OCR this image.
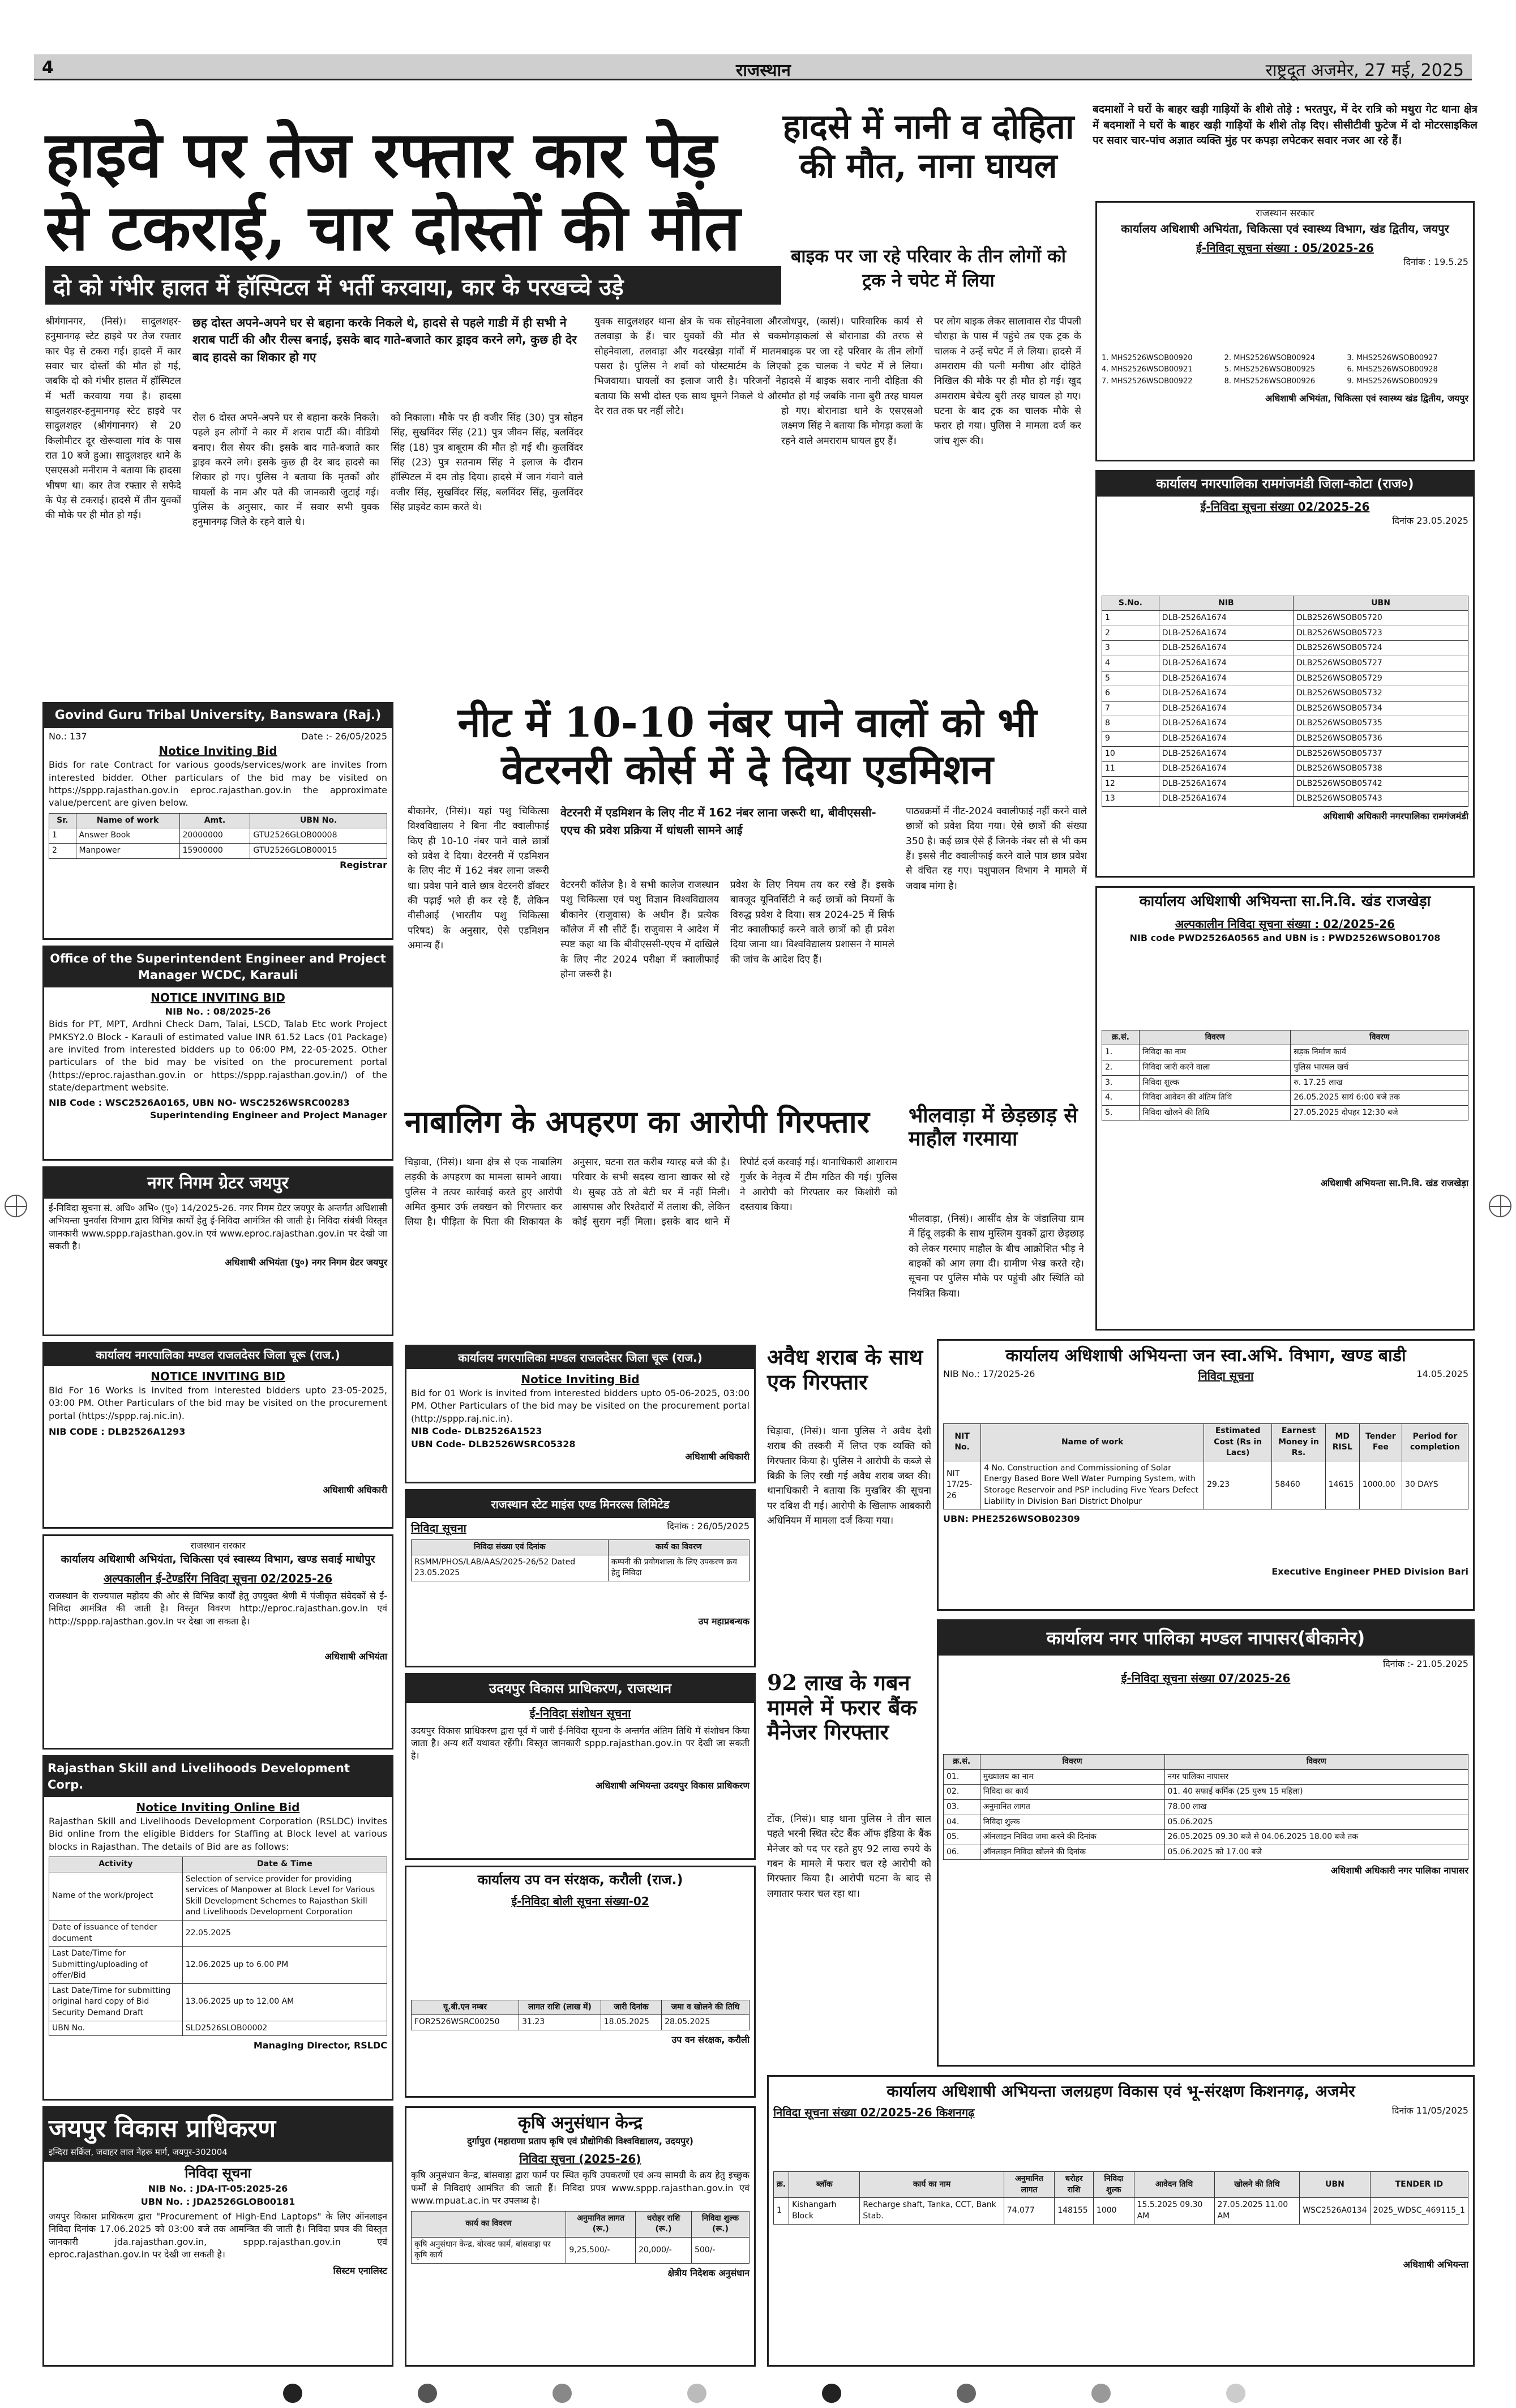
4	राजस्थान	राष्ट्रदूत अजमेर, 27 मई, 2025
हाइवे पर तेज रफ्तार कार पेड़ से टकराई, चार दोस्तों की मौत
दो को गंभीर हालत में हॉस्पिटल में भर्ती करवाया, कार के परखच्चे उड़े
श्रीगंगानगर, (निसं)। सादुलशहर-हनुमानगढ़ स्टेट हाइवे पर तेज रफ्तार कार पेड़ से टकरा गई। हादसे में कार सवार चार दोस्तों की मौत हो गई, जबकि दो को गंभीर हालत में हॉस्पिटल में भर्ती करवाया गया है। हादसा सादुलशहर-हनुमानगढ़ स्टेट हाइवे पर सादुलशहर (श्रीगंगानगर) से 20 किलोमीटर दूर खेरूवाला गांव के पास रात 10 बजे हुआ। सादुलशहर थाने के एसएसओ मनीराम ने बताया कि हादसा भीषण था। कार तेज रफ्तार से सफेदे के पेड़ से टकराई। हादसे में तीन युवकों की मौके पर ही मौत हो गई।
छह दोस्त अपने-अपने घर से बहाना करके निकले थे, हादसे से पहले गाडी में ही सभी ने शराब पार्टी की और रील्स बनाई, इसके बाद गाते-बजाते कार ड्राइव करने लगे, कुछ ही देर बाद हादसे का शिकार हो गए
रोल 6 दोस्त अपने-अपने घर से बहाना करके निकले। पहले इन लोगों ने कार में शराब पार्टी की। वीडियो बनाए। रील सेयर की। इसके बाद गाते-बजाते कार ड्राइव करने लगे। इसके कुछ ही देर बाद हादसे का शिकार हो गए। पुलिस ने बताया कि मृतकों और घायलों के नाम और पते की जानकारी जुटाई गई। पुलिस के अनुसार, कार में सवार सभी युवक हनुमानगढ़ जिले के रहने वाले थे।
को निकाला। मौके पर ही वजीर सिंह (30) पुत्र सोहन सिंह, सुखविंदर सिंह (21) पुत्र जीवन सिंह, बलविंदर सिंह (18) पुत्र बाबूराम की मौत हो गई थी। कुलविंदर सिंह (23) पुत्र सतनाम सिंह ने इलाज के दौरान हॉस्पिटल में दम तोड़ दिया। हादसे में जान गंवाने वाले वजीर सिंह, सुखविंदर सिंह, बलविंदर सिंह, कुलविंदर सिंह प्राइवेट काम करते थे।
युवक सादुलशहर थाना क्षेत्र के चक सोहनेवाला और तलवाड़ा के हैं। चार युवकों की मौत से चक सोहनेवाला, तलवाड़ा और गदरखेड़ा गांवों में मातम पसरा है। पुलिस ने शवों को पोस्टमार्टम के लिए भिजवाया। घायलों का इलाज जारी है। परिजनों ने बताया कि सभी दोस्त एक साथ घूमने निकले थे और देर रात तक घर नहीं लौटे।
हादसे में नानी व दोहिता की मौत, नाना घायल
बाइक पर जा रहे परिवार के तीन लोगों को ट्रक ने चपेट में लिया
जोधपुर, (कासं)। पारिवारिक कार्य से मोगड़ाकलां से बोरानाडा की तरफ से बाइक पर जा रहे परिवार के तीन लोगों को ट्रक चालक ने चपेट में ले लिया। हादसे में बाइक सवार नानी दोहिता की मौत हो गई जबकि नाना बुरी तरह घायल हो गए। बोरानाडा थाने के एसएसओ लक्ष्मण सिंह ने बताया कि मोगड़ा कलां के रहने वाले अमराराम घायल हुए हैं।
पर लोग बाइक लेकर सालावास रोड पीपली चौराहा के पास में पहुंचे तब एक ट्रक के चालक ने उन्हें चपेट में ले लिया। हादसे में अमराराम की पत्नी मनीषा और दोहिते निखिल की मौके पर ही मौत हो गई। खुद अमराराम बेचैत्य बुरी तरह घायल हो गए। घटना के बाद ट्रक का चालक मौके से फरार हो गया। पुलिस ने मामला दर्ज कर जांच शुरू की।
बदमाशों ने घरों के बाहर खड़ी गाड़ियों के शीशे तोड़े : भरतपुर, में देर रात्रि को मथुरा गेट थाना क्षेत्र में बदमाशों ने घरों के बाहर खड़ी गाड़ियों के शीशे तोड़ दिए। सीसीटीवी फुटेज में दो मोटरसाइकिल पर सवार चार-पांच अज्ञात व्यक्ति मुंह पर कपड़ा लपेटकर सवार नजर आ रहे हैं।
राजस्थान सरकार
कार्यालय अधिशाषी अभियंता, चिकित्सा एवं स्वास्थ्य विभाग, खंड द्वितीय, जयपुर
ई-निविदा सूचना संख्या : 05/2025-26
दिनांक : 19.5.25
1. MHS2526WSOB00920	2. MHS2526WSOB00924	3. MHS2526WSOB00927
4. MHS2526WSOB00921	5. MHS2526WSOB00925	6. MHS2526WSOB00928
7. MHS2526WSOB00922	8. MHS2526WSOB00926	9. MHS2526WSOB00929
अधिशाषी अभियंता, चिकित्सा एवं स्वास्थ्य खंड द्वितीय, जयपुर
कार्यालय नगरपालिका रामगंजमंडी जिला-कोटा (राज०)
ई-निविदा सूचना संख्या 02/2025-26
दिनांक 23.05.2025
S.No.	NIB	UBN
1	DLB-2526A1674	DLB2526WSOB05720
2	DLB-2526A1674	DLB2526WSOB05723
3	DLB-2526A1674	DLB2526WSOB05724
4	DLB-2526A1674	DLB2526WSOB05727
5	DLB-2526A1674	DLB2526WSOB05729
6	DLB-2526A1674	DLB2526WSOB05732
7	DLB-2526A1674	DLB2526WSOB05734
8	DLB-2526A1674	DLB2526WSOB05735
9	DLB-2526A1674	DLB2526WSOB05736
10	DLB-2526A1674	DLB2526WSOB05737
11	DLB-2526A1674	DLB2526WSOB05738
12	DLB-2526A1674	DLB2526WSOB05742
13	DLB-2526A1674	DLB2526WSOB05743
अधिशाषी अधिकारी नगरपालिका रामगंजमंडी
नीट में 10-10 नंबर पाने वालों को भी वेटरनरी कोर्स में दे दिया एडमिशन
बीकानेर, (निसं)। यहां पशु चिकित्सा विश्वविद्यालय ने बिना नीट क्वालीफाई किए ही 10-10 नंबर पाने वाले छात्रों को प्रवेश दे दिया। वेटरनरी में एडमिशन के लिए नीट में 162 नंबर लाना जरूरी था। प्रवेश पाने वाले छात्र वेटरनरी डॉक्टर की पढ़ाई भले ही कर रहे हैं, लेकिन वीसीआई (भारतीय पशु चिकित्सा परिषद) के अनुसार, ऐसे एडमिशन अमान्य हैं।
वेटरनरी में एडमिशन के लिए नीट में 162 नंबर लाना जरूरी था, बीवीएससी-एएच की प्रवेश प्रक्रिया में धांधली सामने आई
वेटरनरी कॉलेज है। वे सभी कालेज राजस्थान पशु चिकित्सा एवं पशु विज्ञान विश्वविद्यालय बीकानेर (राजुवास) के अधीन हैं। प्रत्येक कॉलेज में सौ सीटें हैं। राजुवास ने आदेश में स्पष्ट कहा था कि बीवीएससी-एएच में दाखिले के लिए नीट 2024 परीक्षा में क्वालीफाई होना जरूरी है।
प्रवेश के लिए नियम तय कर रखे हैं। इसके बावजूद यूनिवर्सिटी ने कई छात्रों को नियमों के विरुद्ध प्रवेश दे दिया। सत्र 2024-25 में सिर्फ नीट क्वालीफाई करने वाले छात्रों को ही प्रवेश दिया जाना था। विश्वविद्यालय प्रशासन ने मामले की जांच के आदेश दिए हैं।
पाठ्यक्रमों में नीट-2024 क्वालीफाई नहीं करने वाले छात्रों को प्रवेश दिया गया। ऐसे छात्रों की संख्या 350 है। कई छात्र ऐसे हैं जिनके नंबर सौ से भी कम हैं। इससे नीट क्वालीफाई करने वाले पात्र छात्र प्रवेश से वंचित रह गए। पशुपालन विभाग ने मामले में जवाब मांगा है।
Govind Guru Tribal University, Banswara (Raj.)
No.: 137	Date :- 26/05/2025
Notice Inviting Bid
Bids for rate Contract for various goods/services/work are invites from interested bidder. Other particulars of the bid may be visited on https://sppp.rajasthan.gov.in eproc.rajasthan.gov.in the approximate value/percent are given below.
Sr.	Name of work	Amt.	UBN No.
1	Answer Book	20000000	GTU2526GLOB00008
2	Manpower	15900000	GTU2526GLOB00015
Registrar
Office of the Superintendent Engineer and Project Manager WCDC, Karauli
NOTICE INVITING BID
NIB No. : 08/2025-26
Bids for PT, MPT, Ardhni Check Dam, Talai, LSCD, Talab Etc work Project PMKSY2.0 Block - Karauli of estimated value INR 61.52 Lacs (01 Package) are invited from interested bidders up to 06:00 PM, 22-05-2025. Other particulars of the bid may be visited on the procurement portal (https://eproc.rajasthan.gov.in or https://sppp.rajasthan.gov.in/) of the state/department website.
NIB Code : WSC2526A0165, UBN NO- WSC2526WSRC00283
Superintending Engineer and Project Manager
नगर निगम ग्रेटर जयपुर
ई-निविदा सूचना सं. अधि० अभि० (पु०) 14/2025-26. नगर निगम ग्रेटर जयपुर के अन्तर्गत अधिशासी अभियन्ता पुनर्वास विभाग द्वारा विभिन्न कार्यों हेतु ई-निविदा आमंत्रित की जाती है। निविदा संबंधी विस्तृत जानकारी www.sppp.rajasthan.gov.in एवं www.eproc.rajasthan.gov.in पर देखी जा सकती है।
अधिशाषी अभियंता (पु०) नगर निगम ग्रेटर जयपुर
कार्यालय नगरपालिका मण्डल राजलदेसर जिला चूरू (राज.)
NOTICE INVITING BID
Bid For 16 Works is invited from interested bidders upto 23-05-2025, 03:00 PM. Other Particulars of the bid may be visited on the procurement portal (https://sppp.raj.nic.in).
NIB CODE : DLB2526A1293
अधिशाषी अधिकारी
राजस्थान सरकार
कार्यालय अधिशाषी अभियंता, चिकित्सा एवं स्वास्थ्य विभाग, खण्ड सवाई माधोपुर
अल्पकालीन ई-टेण्डरिंग निविदा सूचना 02/2025-26
राजस्थान के राज्यपाल महोदय की ओर से विभिन्न कार्यों हेतु उपयुक्त श्रेणी में पंजीकृत संवेदकों से ई-निविदा आमंत्रित की जाती है। विस्तृत विवरण http://eproc.rajasthan.gov.in एवं http://sppp.rajasthan.gov.in पर देखा जा सकता है।
अधिशाषी अभियंता
Rajasthan Skill and Livelihoods Development Corp.
Notice Inviting Online Bid
Rajasthan Skill and Livelihoods Development Corporation (RSLDC) invites Bid online from the eligible Bidders for Staffing at Block level at various blocks in Rajasthan. The details of Bid are as follows:
Activity	Date & Time
Name of the work/project	Selection of service provider for providing services of Manpower at Block Level for Various Skill Development Schemes to Rajasthan Skill and Livelihoods Development Corporation
Date of issuance of tender document	22.05.2025
Last Date/Time for Submitting/uploading of offer/Bid	12.06.2025 up to 6.00 PM
Last Date/Time for submitting original hard copy of Bid Security Demand Draft	13.06.2025 up to 12.00 AM
UBN No.	SLD2526SLOB00002
Managing Director, RSLDC
जयपुर विकास प्राधिकरण
इन्दिरा सर्किल, जवाहर लाल नेहरू मार्ग, जयपुर-302004
निविदा सूचना
NIB No. : JDA-IT-05:2025-26
UBN No. : JDA2526GLOB00181
जयपुर विकास प्राधिकरण द्वारा "Procurement of High-End Laptops" के लिए ऑनलाइन निविदा दिनांक 17.06.2025 को 03:00 बजे तक आमन्त्रित की जाती है। निविदा प्रपत्र की विस्तृत जानकारी jda.rajasthan.gov.in, sppp.rajasthan.gov.in एवं eproc.rajasthan.gov.in पर देखी जा सकती है।
सिस्टम एनालिस्ट
नाबालिग के अपहरण का आरोपी गिरफ्तार
चिड़ावा, (निसं)। थाना क्षेत्र से एक नाबालिग लड़की के अपहरण का मामला सामने आया। पुलिस ने तत्पर कार्रवाई करते हुए आरोपी अमित कुमार उर्फ लक्खन को गिरफ्तार कर लिया है। पीड़िता के पिता की शिकायत के अनुसार, घटना रात करीब ग्यारह बजे की है। परिवार के सभी सदस्य खाना खाकर सो रहे थे। सुबह उठे तो बेटी घर में नहीं मिली। आसपास और रिश्तेदारों में तलाश की, लेकिन कोई सुराग नहीं मिला। इसके बाद थाने में रिपोर्ट दर्ज करवाई गई। थानाधिकारी आशाराम गुर्जर के नेतृत्व में टीम गठित की गई। पुलिस ने आरोपी को गिरफ्तार कर किशोरी को दस्तयाब किया।
भीलवाड़ा में छेड़छाड़ से माहौल गरमाया
भीलवाड़ा, (निसं)। आसींद क्षेत्र के जंडालिया ग्राम में हिंदू लड़की के साथ मुस्लिम युवकों द्वारा छेड़छाड़ को लेकर गरमाए माहौल के बीच आक्रोशित भीड़ ने बाइकों को आग लगा दी। ग्रामीण भेख करते रहे। सूचना पर पुलिस मौके पर पहुंची और स्थिति को नियंत्रित किया।
कार्यालय नगरपालिका मण्डल राजलदेसर जिला चूरू (राज.)
Notice Inviting Bid
Bid for 01 Work is invited from interested bidders upto 05-06-2025, 03:00 PM. Other Particulars of the bid may be visited on the procurement portal (http://sppp.raj.nic.in).
NIB Code- DLB2526A1523
UBN Code- DLB2526WSRC05328
अधिशाषी अधिकारी
राजस्थान स्टेट माइंस एण्ड मिनरल्स लिमिटेड
निविदा सूचना	दिनांक : 26/05/2025
निविदा संख्या एवं दिनांक	कार्य का विवरण
RSMM/PHOS/LAB/AAS/2025-26/52 Dated 23.05.2025	कम्पनी की प्रयोगशाला के लिए उपकरण क्रय हेतु निविदा
उप महाप्रबन्धक
उदयपुर विकास प्राधिकरण, राजस्थान
ई-निविदा संशोधन सूचना
उदयपुर विकास प्राधिकरण द्वारा पूर्व में जारी ई-निविदा सूचना के अन्तर्गत अंतिम तिथि में संशोधन किया जाता है। अन्य शर्तें यथावत रहेंगी। विस्तृत जानकारी sppp.rajasthan.gov.in पर देखी जा सकती है।
अधिशाषी अभियन्ता उदयपुर विकास प्राधिकरण
कार्यालय उप वन संरक्षक, करौली (राज.)
ई-निविदा बोली सूचना संख्या-02
यू.बी.एन नम्बर	लागत राशि (लाख में)	जारी दिनांक	जमा व खोलने की तिथि
FOR2526WSRC00250	31.23	18.05.2025	28.05.2025
उप वन संरक्षक, करौली
कृषि अनुसंधान केन्द्र
दुर्गापुरा (महाराणा प्रताप कृषि एवं प्रौद्योगिकी विश्वविद्यालय, उदयपुर)
निविदा सूचना (2025-26)
कृषि अनुसंधान केन्द्र, बांसवाड़ा द्वारा फार्म पर स्थित कृषि उपकरणों एवं अन्य सामग्री के क्रय हेतु इच्छुक फर्मों से निविदाएं आमंत्रित की जाती हैं। निविदा प्रपत्र www.sppp.rajasthan.gov.in एवं www.mpuat.ac.in पर उपलब्ध है।
कार्य का विवरण	अनुमानित लागत (रू.)	धरोहर राशि (रू.)	निविदा शुल्क (रू.)
कृषि अनुसंधान केन्द्र, बोरवट फार्म, बांसवाड़ा पर कृषि कार्य	9,25,500/-	20,000/-	500/-
क्षेत्रीय निदेशक अनुसंधान
अवैध शराब के साथ एक गिरफ्तार
चिड़ावा, (निसं)। थाना पुलिस ने अवैध देशी शराब की तस्करी में लिप्त एक व्यक्ति को गिरफ्तार किया है। पुलिस ने आरोपी के कब्जे से बिक्री के लिए रखी गई अवैध शराब जब्त की। थानाधिकारी ने बताया कि मुखबिर की सूचना पर दबिश दी गई। आरोपी के खिलाफ आबकारी अधिनियम में मामला दर्ज किया गया।
92 लाख के गबन मामले में फरार बैंक मैनेजर गिरफ्तार
टोंक, (निसं)। घाड़ थाना पुलिस ने तीन साल पहले भरनी स्थित स्टेट बैंक ऑफ इंडिया के बैंक मैनेजर को पद पर रहते हुए 92 लाख रुपये के गबन के मामले में फरार चल रहे आरोपी को गिरफ्तार किया है। आरोपी घटना के बाद से लगातार फरार चल रहा था।
कार्यालय अधिशाषी अभियन्ता सा.नि.वि. खंड राजखेड़ा
अल्पकालीन निविदा सूचना संख्या : 02/2025-26
NIB code PWD2526A0565 and UBN is : PWD2526WSOB01708
क्र.सं.	विवरण	विवरण
1.	निविदा का नाम	सड़क निर्माण कार्य
2.	निविदा जारी करने वाला	पुलिस भारमल खर्च
3.	निविदा शुल्क	रु. 17.25 लाख
4.	निविदा आवेदन की अंतिम तिथि	26.05.2025 सायं 6:00 बजे तक
5.	निविदा खोलने की तिथि	27.05.2025 दोपहर 12:30 बजे
अधिशाषी अभियन्ता सा.नि.वि. खंड राजखेड़ा
कार्यालय अधिशाषी अभियन्ता जन स्वा.अभि. विभाग, खण्ड बाडी
NIB No.: 17/2025-26	निविदा सूचना	14.05.2025
NIT No.	Name of work	Estimated Cost (Rs in Lacs)	Earnest Money in Rs.	MD RISL	Tender Fee	Period for completion
NIT 17/25-26	4 No. Construction and Commissioning of Solar Energy Based Bore Well Water Pumping System, with Storage Reservoir and PSP including Five Years Defect Liability in Division Bari District Dholpur	29.23	58460	14615	1000.00	30 DAYS
UBN: PHE2526WSOB02309
Executive Engineer PHED Division Bari
कार्यालय नगर पालिका मण्डल नापासर(बीकानेर)
दिनांक :- 21.05.2025
ई-निविदा सूचना संख्या 07/2025-26
क्र.सं.	विवरण	विवरण
01.	मुख्यालय का नाम	नगर पालिका नापासर
02.	निविदा का कार्य	01. 40 सफाई कर्मिक (25 पुरुष 15 महिला)
03.	अनुमानित लागत	78.00 लाख
04.	निविदा शुल्क	05.06.2025
05.	ऑनलाइन निविदा जमा करने की दिनांक	26.05.2025 09.30 बजे से 04.06.2025 18.00 बजे तक
06.	ऑनलाइन निविदा खोलने की दिनांक	05.06.2025 को 17.00 बजे
अधिशाषी अधिकारी नगर पालिका नापासर
कार्यालय अधिशाषी अभियन्ता जलग्रहण विकास एवं भू-संरक्षण किशनगढ़, अजमेर
निविदा सूचना संख्या 02/2025-26 किशनगढ़	दिनांक 11/05/2025
क्र.	ब्लॉक	कार्य का नाम	अनुमानित लागत	धरोहर राशि	निविदा शुल्क	आवेदन तिथि	खोलने की तिथि	UBN	TENDER ID
1	Kishangarh Block	Recharge shaft, Tanka, CCT, Bank Stab.	74.077	148155	1000	15.5.2025 09.30 AM	27.05.2025 11.00 AM	WSC2526A0134	2025_WDSC_469115_1
अधिशाषी अभियन्ता
